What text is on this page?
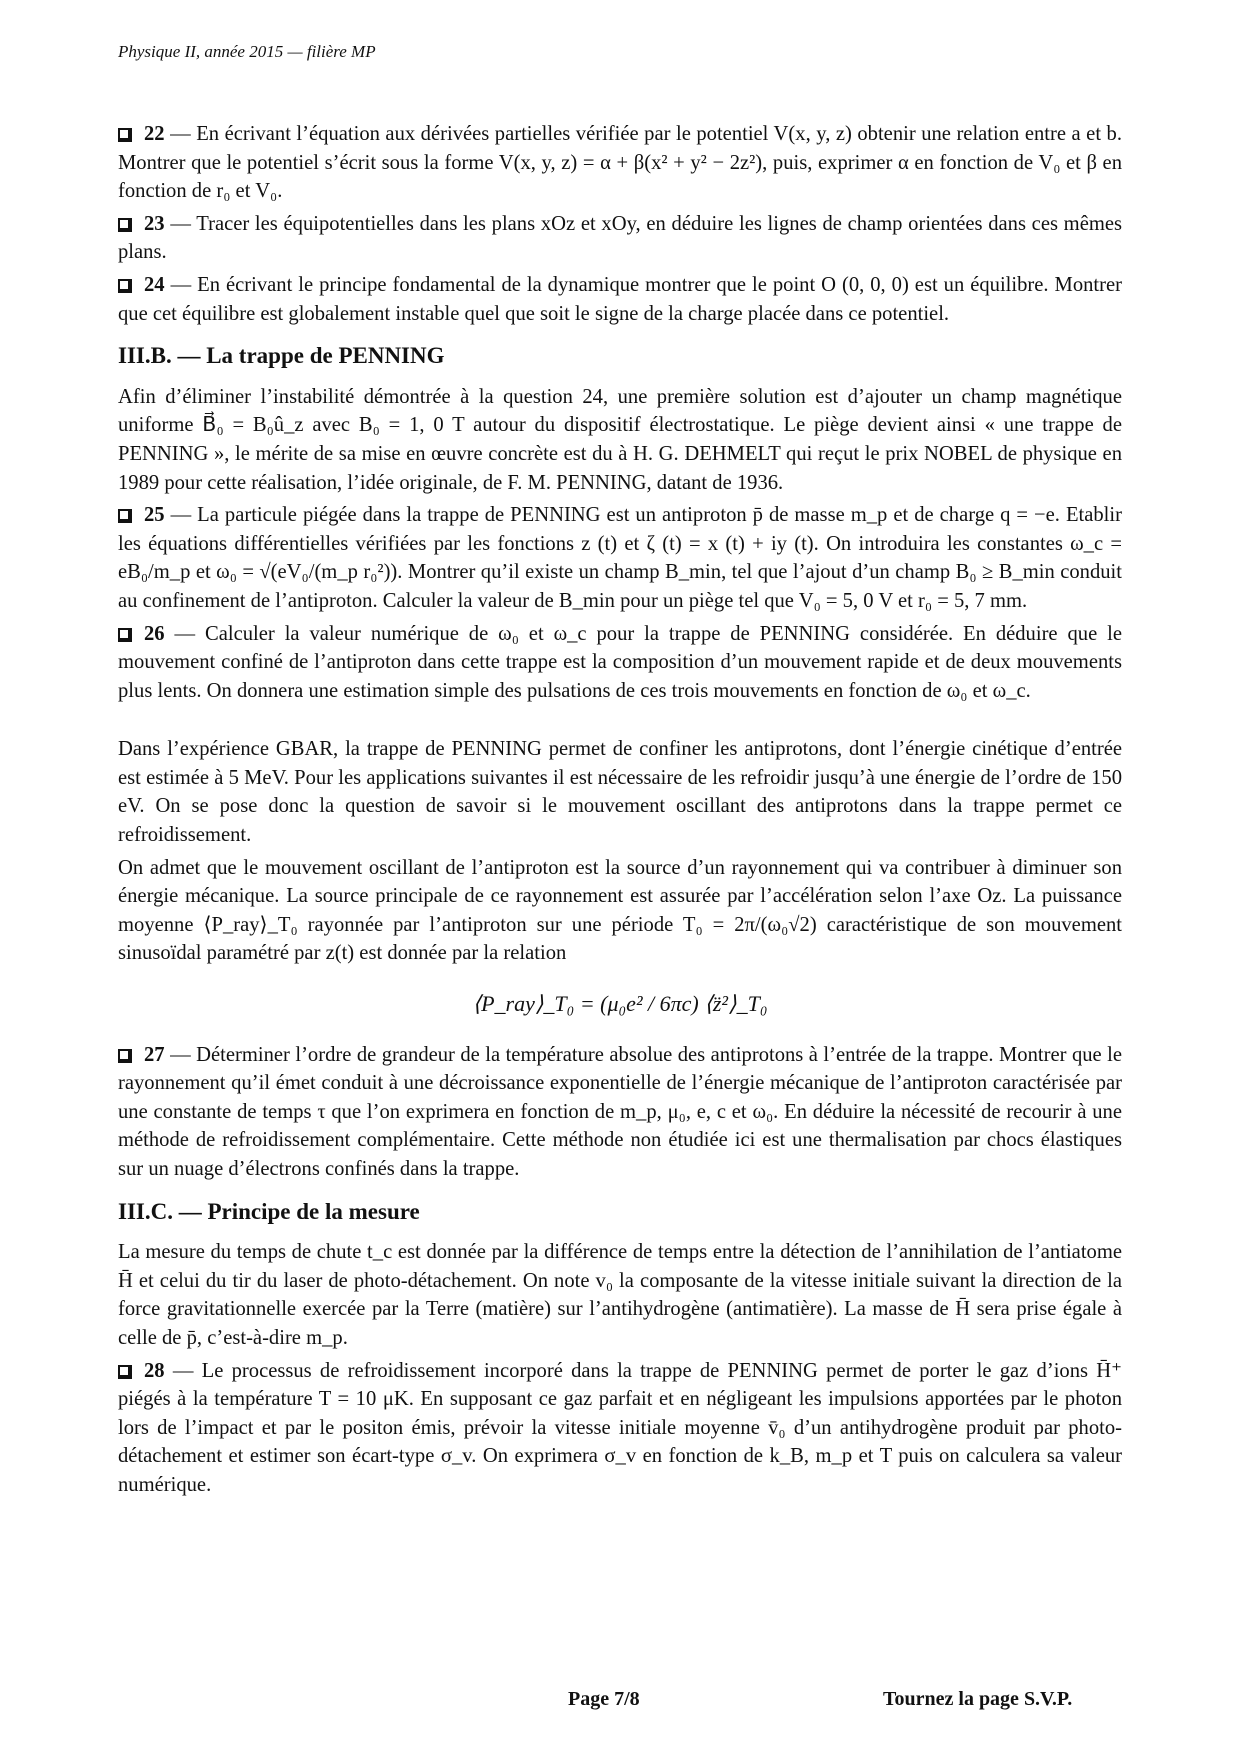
Physique II, année 2015 — filière MP

22 — En écrivant l’équation aux dérivées partielles vérifiée par le potentiel V(x, y, z) obtenir une relation entre a et b. Montrer que le potentiel s’écrit sous la forme V(x, y, z) = α + β(x² + y² − 2z²), puis, exprimer α en fonction de V₀ et β en fonction de r₀ et V₀.

23 — Tracer les équipotentielles dans les plans xOz et xOy, en déduire les lignes de champ orientées dans ces mêmes plans.

24 — En écrivant le principe fondamental de la dynamique montrer que le point O (0, 0, 0) est un équilibre. Montrer que cet équilibre est globalement instable quel que soit le signe de la charge placée dans ce potentiel.

III.B. — La trappe de PENNING

Afin d’éliminer l’instabilité démontrée à la question 24, une première solution est d’ajouter un champ magnétique uniforme B⃗₀ = B₀û_z avec B₀ = 1, 0 T autour du dispositif électrostatique. Le piège devient ainsi « une trappe de PENNING », le mérite de sa mise en œuvre concrète est du à H. G. DEHMELT qui reçut le prix NOBEL de physique en 1989 pour cette réalisation, l’idée originale, de F. M. PENNING, datant de 1936.

25 — La particule piégée dans la trappe de PENNING est un antiproton p̄ de masse m_p et de charge q = −e. Etablir les équations différentielles vérifiées par les fonctions z (t) et ζ (t) = x (t) + iy (t). On introduira les constantes ω_c = eB₀/m_p et ω₀ = √(eV₀/(m_p r₀²)). Montrer qu’il existe un champ B_min, tel que l’ajout d’un champ B₀ ≥ B_min conduit au confinement de l’antiproton. Calculer la valeur de B_min pour un piège tel que V₀ = 5, 0 V et r₀ = 5, 7 mm.

26 — Calculer la valeur numérique de ω₀ et ω_c pour la trappe de PENNING considérée. En déduire que le mouvement confiné de l’antiproton dans cette trappe est la composition d’un mouvement rapide et de deux mouvements plus lents. On donnera une estimation simple des pulsations de ces trois mouvements en fonction de ω₀ et ω_c.

Dans l’expérience GBAR, la trappe de PENNING permet de confiner les antiprotons, dont l’énergie cinétique d’entrée est estimée à 5 MeV. Pour les applications suivantes il est nécessaire de les refroidir jusqu’à une énergie de l’ordre de 150 eV. On se pose donc la question de savoir si le mouvement oscillant des antiprotons dans la trappe permet ce refroidissement.

On admet que le mouvement oscillant de l’antiproton est la source d’un rayonnement qui va contribuer à diminuer son énergie mécanique. La source principale de ce rayonnement est assurée par l’accélération selon l’axe Oz. La puissance moyenne ⟨P_ray⟩_T₀ rayonnée par l’antiproton sur une période T₀ = 2π/(ω₀√2) caractéristique de son mouvement sinusoïdal paramétré par z(t) est donnée par la relation

⟨P_ray⟩_T₀ = (μ₀e² / 6πc) ⟨z̈²⟩_T₀

27 — Déterminer l’ordre de grandeur de la température absolue des antiprotons à l’entrée de la trappe. Montrer que le rayonnement qu’il émet conduit à une décroissance exponentielle de l’énergie mécanique de l’antiproton caractérisée par une constante de temps τ que l’on exprimera en fonction de m_p, μ₀, e, c et ω₀. En déduire la nécessité de recourir à une méthode de refroidissement complémentaire. Cette méthode non étudiée ici est une thermalisation par chocs élastiques sur un nuage d’électrons confinés dans la trappe.

III.C. — Principe de la mesure

La mesure du temps de chute t_c est donnée par la différence de temps entre la détection de l’annihilation de l’antiatome H̄ et celui du tir du laser de photo-détachement. On note v₀ la composante de la vitesse initiale suivant la direction de la force gravitationnelle exercée par la Terre (matière) sur l’antihydrogène (antimatière). La masse de H̄ sera prise égale à celle de p̄, c’est-à-dire m_p.

28 — Le processus de refroidissement incorporé dans la trappe de PENNING permet de porter le gaz d’ions H̄⁺ piégés à la température T = 10 μK. En supposant ce gaz parfait et en négligeant les impulsions apportées par le photon lors de l’impact et par le positon émis, prévoir la vitesse initiale moyenne v̄₀ d’un antihydrogène produit par photo-détachement et estimer son écart-type σ_v. On exprimera σ_v en fonction de k_B, m_p et T puis on calculera sa valeur numérique.

Page 7/8	Tournez la page S.V.P.
